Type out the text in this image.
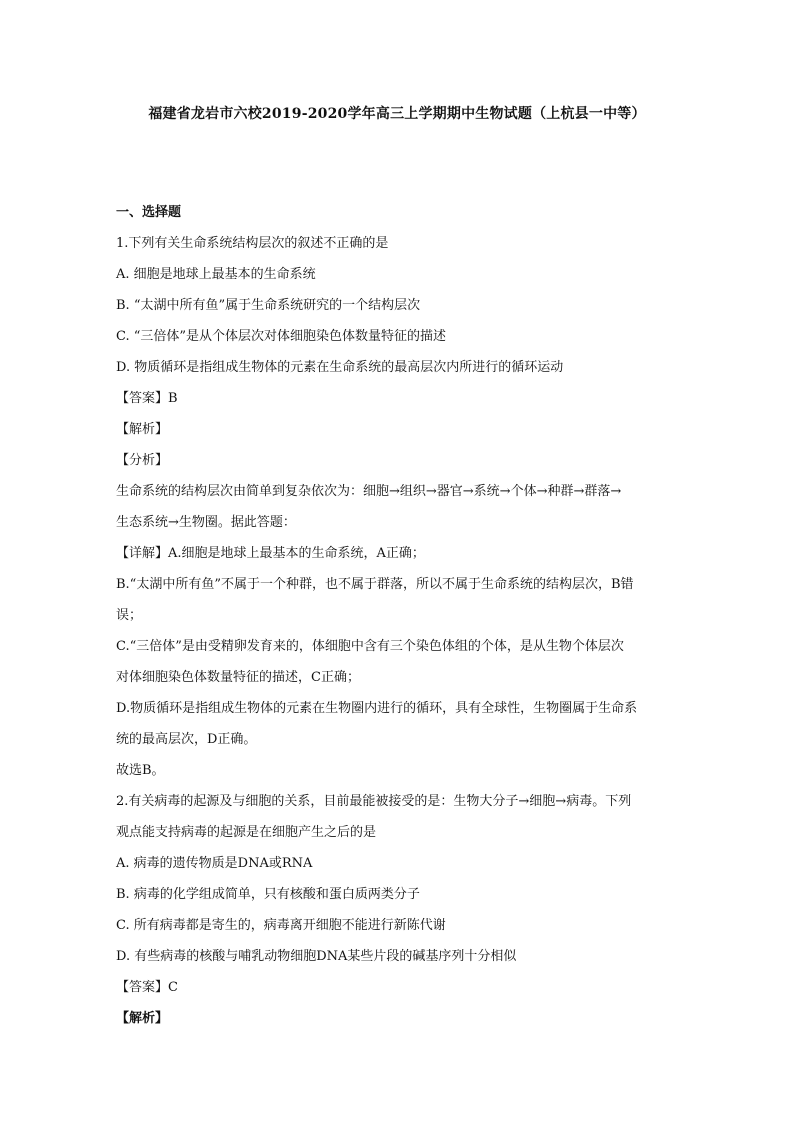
福建省龙岩市六校2019-2020学年高三上学期期中生物试题（上杭县一中等）
一、选择题
1.下列有关生命系统结构层次的叙述不正确的是
A. 细胞是地球上最基本的生命系统
B. “太湖中所有鱼”属于生命系统研究的一个结构层次
C. “三倍体”是从个体层次对体细胞染色体数量特征的描述
D. 物质循环是指组成生物体的元素在生命系统的最高层次内所进行的循环运动
【答案】B
【解析】
【分析】
生命系统的结构层次由简单到复杂依次为：细胞→组织→器官→系统→个体→种群→群落→
生态系统→生物圈。据此答题：
【详解】A.细胞是地球上最基本的生命系统，A正确；
B.“太湖中所有鱼”不属于一个种群，也不属于群落，所以不属于生命系统的结构层次，B错
误；
C.“三倍体”是由受精卵发育来的，体细胞中含有三个染色体组的个体，是从生物个体层次
对体细胞染色体数量特征的描述，C正确；
D.物质循环是指组成生物体的元素在生物圈内进行的循环，具有全球性，生物圈属于生命系
统的最高层次，D正确。
故选B。
2.有关病毒的起源及与细胞的关系，目前最能被接受的是：生物大分子→细胞→病毒。下列
观点能支持病毒的起源是在细胞产生之后的是
A. 病毒的遗传物质是DNA或RNA
B. 病毒的化学组成简单，只有核酸和蛋白质两类分子
C. 所有病毒都是寄生的，病毒离开细胞不能进行新陈代谢
D. 有些病毒的核酸与哺乳动物细胞DNA某些片段的碱基序列十分相似
【答案】C
【解析】
